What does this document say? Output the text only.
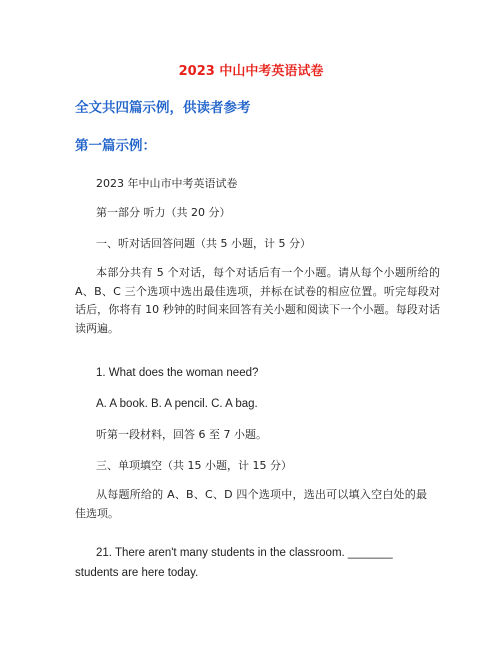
2023 中山中考英语试卷
全文共四篇示例，供读者参考
第一篇示例：
2023 年中山市中考英语试卷
第一部分 听力（共 20 分）
一、听对话回答问题（共 5 小题，计 5 分）
本部分共有 5 个对话，每个对话后有一个小题。请从每个小题所给的 A、B、C 三个选项中选出最佳选项，并标在试卷的相应位置。听完每段对话后，你将有 10 秒钟的时间来回答有关小题和阅读下一个小题。每段对话读两遍。
1. What does the woman need?
A. A book. B. A pencil. C. A bag.
听第一段材料，回答 6 至 7 小题。
三、单项填空（共 15 小题，计 15 分）
从每题所给的 A、B、C、D 四个选项中，选出可以填入空白处的最佳选项。
21. There aren't many students in the classroom. _______ students are here today.
